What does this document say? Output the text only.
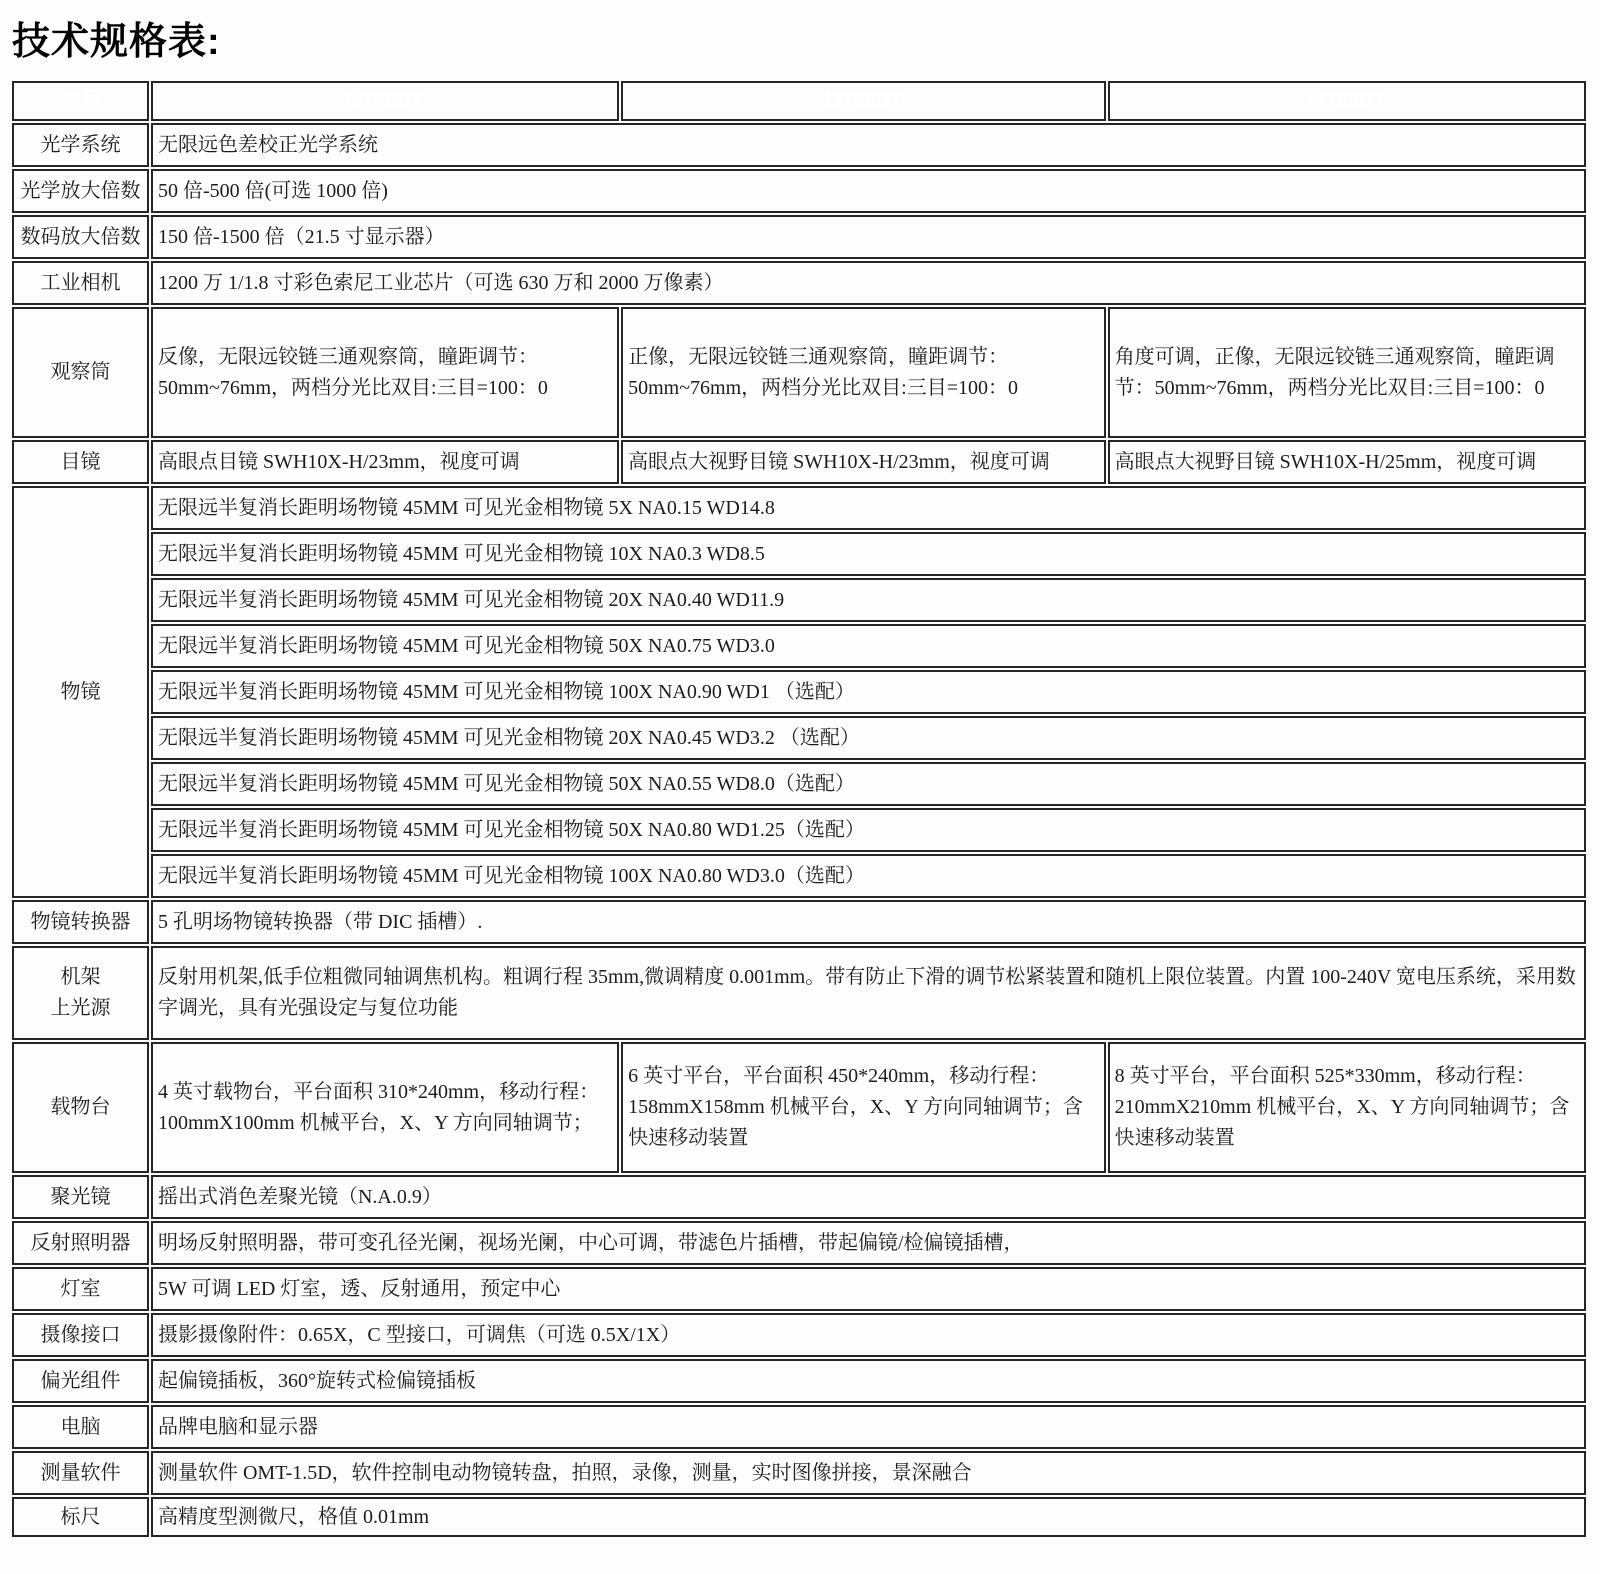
技术规格表:
型号	MT40BT	MT60BT	MT80BT
光学系统	无限远色差校正光学系统		
光学放大倍数	50 倍-500 倍(可选 1000 倍)		
数码放大倍数	150 倍-1500 倍（21.5 寸显示器）		
工业相机	1200 万 1/1.8 寸彩色索尼工业芯片（可选 630 万和 2000 万像素）		
观察筒	反像，无限远铰链三通观察筒，瞳距调节：50mm~76mm，两档分光比双目:三目=100：0	正像，无限远铰链三通观察筒，瞳距调节：50mm~76mm，两档分光比双目:三目=100：0	角度可调，正像，无限远铰链三通观察筒，瞳距调节：50mm~76mm，两档分光比双目:三目=100：0
目镜	高眼点目镜 SWH10X-H/23mm，视度可调	高眼点大视野目镜 SWH10X-H/23mm，视度可调	高眼点大视野目镜 SWH10X-H/25mm，视度可调
物镜	无限远半复消长距明场物镜 45MM 可见光金相物镜 5X NA0.15 WD14.8		
	无限远半复消长距明场物镜 45MM 可见光金相物镜 10X NA0.3 WD8.5		
	无限远半复消长距明场物镜 45MM 可见光金相物镜 20X NA0.40 WD11.9		
	无限远半复消长距明场物镜 45MM 可见光金相物镜 50X NA0.75 WD3.0		
	无限远半复消长距明场物镜 45MM 可见光金相物镜 100X NA0.90 WD1 （选配）		
	无限远半复消长距明场物镜 45MM 可见光金相物镜 20X NA0.45 WD3.2 （选配）		
	无限远半复消长距明场物镜 45MM 可见光金相物镜 50X NA0.55 WD8.0（选配）		
	无限远半复消长距明场物镜 45MM 可见光金相物镜 50X NA0.80 WD1.25（选配）		
	无限远半复消长距明场物镜 45MM 可见光金相物镜 100X NA0.80 WD3.0（选配）		
物镜转换器	5 孔明场物镜转换器（带 DIC 插槽）.		

机架
上光源	反射用机架,低手位粗微同轴调焦机构。粗调行程 35mm,微调精度 0.001mm。带有防止下滑的调节松紧装置和随机上限位装置。内置 100-240V 宽电压系统，采用数字调光，具有光强设定与复位功能		
载物台	4 英寸载物台，平台面积 310*240mm，移动行程：100mmX100mm 机械平台，X、Y 方向同轴调节；	6 英寸平台，平台面积 450*240mm，移动行程：158mmX158mm 机械平台，X、Y 方向同轴调节；含快速移动装置	8 英寸平台，平台面积 525*330mm，移动行程：210mmX210mm 机械平台，X、Y 方向同轴调节；含快速移动装置
聚光镜	摇出式消色差聚光镜（N.A.0.9）		
反射照明器	明场反射照明器，带可变孔径光阑，视场光阑，中心可调，带滤色片插槽，带起偏镜/检偏镜插槽，		
灯室	5W 可调 LED 灯室，透、反射通用，预定中心		
摄像接口	摄影摄像附件：0.65X，C 型接口，可调焦（可选 0.5X/1X）		
偏光组件	起偏镜插板，360°旋转式检偏镜插板		
电脑	品牌电脑和显示器		
测量软件	测量软件 OMT-1.5D，软件控制电动物镜转盘，拍照，录像，测量，实时图像拼接，景深融合		
标尺	高精度型测微尺，格值 0.01mm		
